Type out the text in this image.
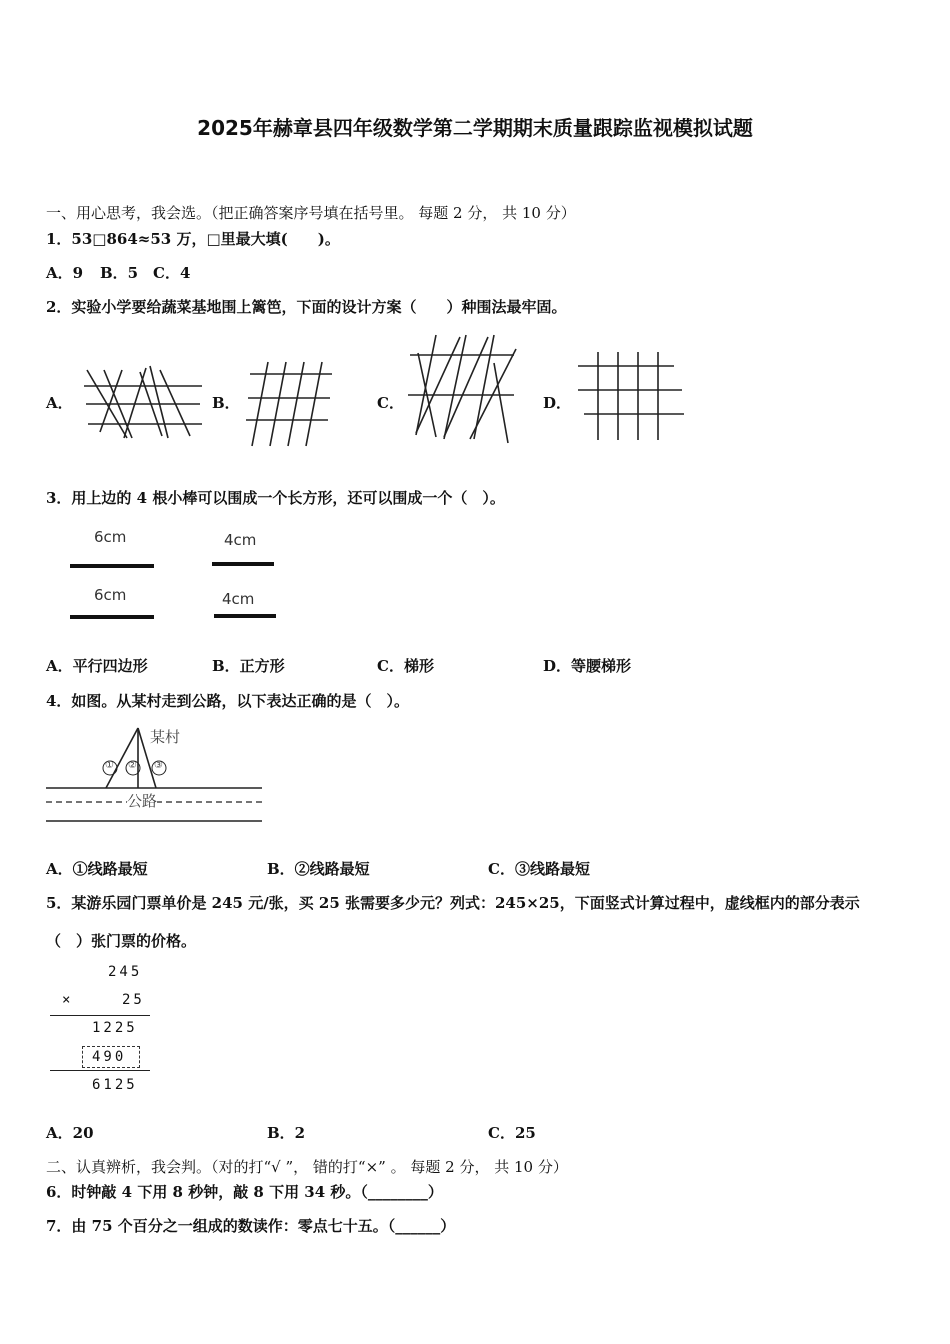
2025年赫章县四年级数学第二学期期末质量跟踪监视模拟试题
一、用心思考，我会选。（把正确答案序号填在括号里。 每题 2 分， 共 10 分）
1．53□864≈53 万，□里最大填(　　)。
A．9 B．5 C．4
2．实验小学要给蔬菜基地围上篱笆，下面的设计方案（　　）种围法最牢固。
A．	B．	C．	D．
3．用上边的 4 根小棒可以围成一个长方形，还可以围成一个（　）。
6cm
6cm
4cm
4cm
A．平行四边形	B．正方形	C．梯形	D．等腰梯形
4．如图。从某村走到公路，以下表达正确的是（　）。
某村
① ② ③
公路
A．①线路最短	B．②线路最短	C．③线路最短
5．某游乐园门票单价是 245 元/张，买 25 张需要多少元？列式：245×25，下面竖式计算过程中，虚线框内的部分表示
（　）张门票的价格。
245
×	25
1225
490
6125
A．20	B．2	C．25
二、认真辨析，我会判。（对的打“√ ”， 错的打“×” 。 每题 2 分， 共 10 分）
6．时钟敲 4 下用 8 秒钟，敲 8 下用 34 秒。（________）
7．由 75 个百分之一组成的数读作：零点七十五。（______）
